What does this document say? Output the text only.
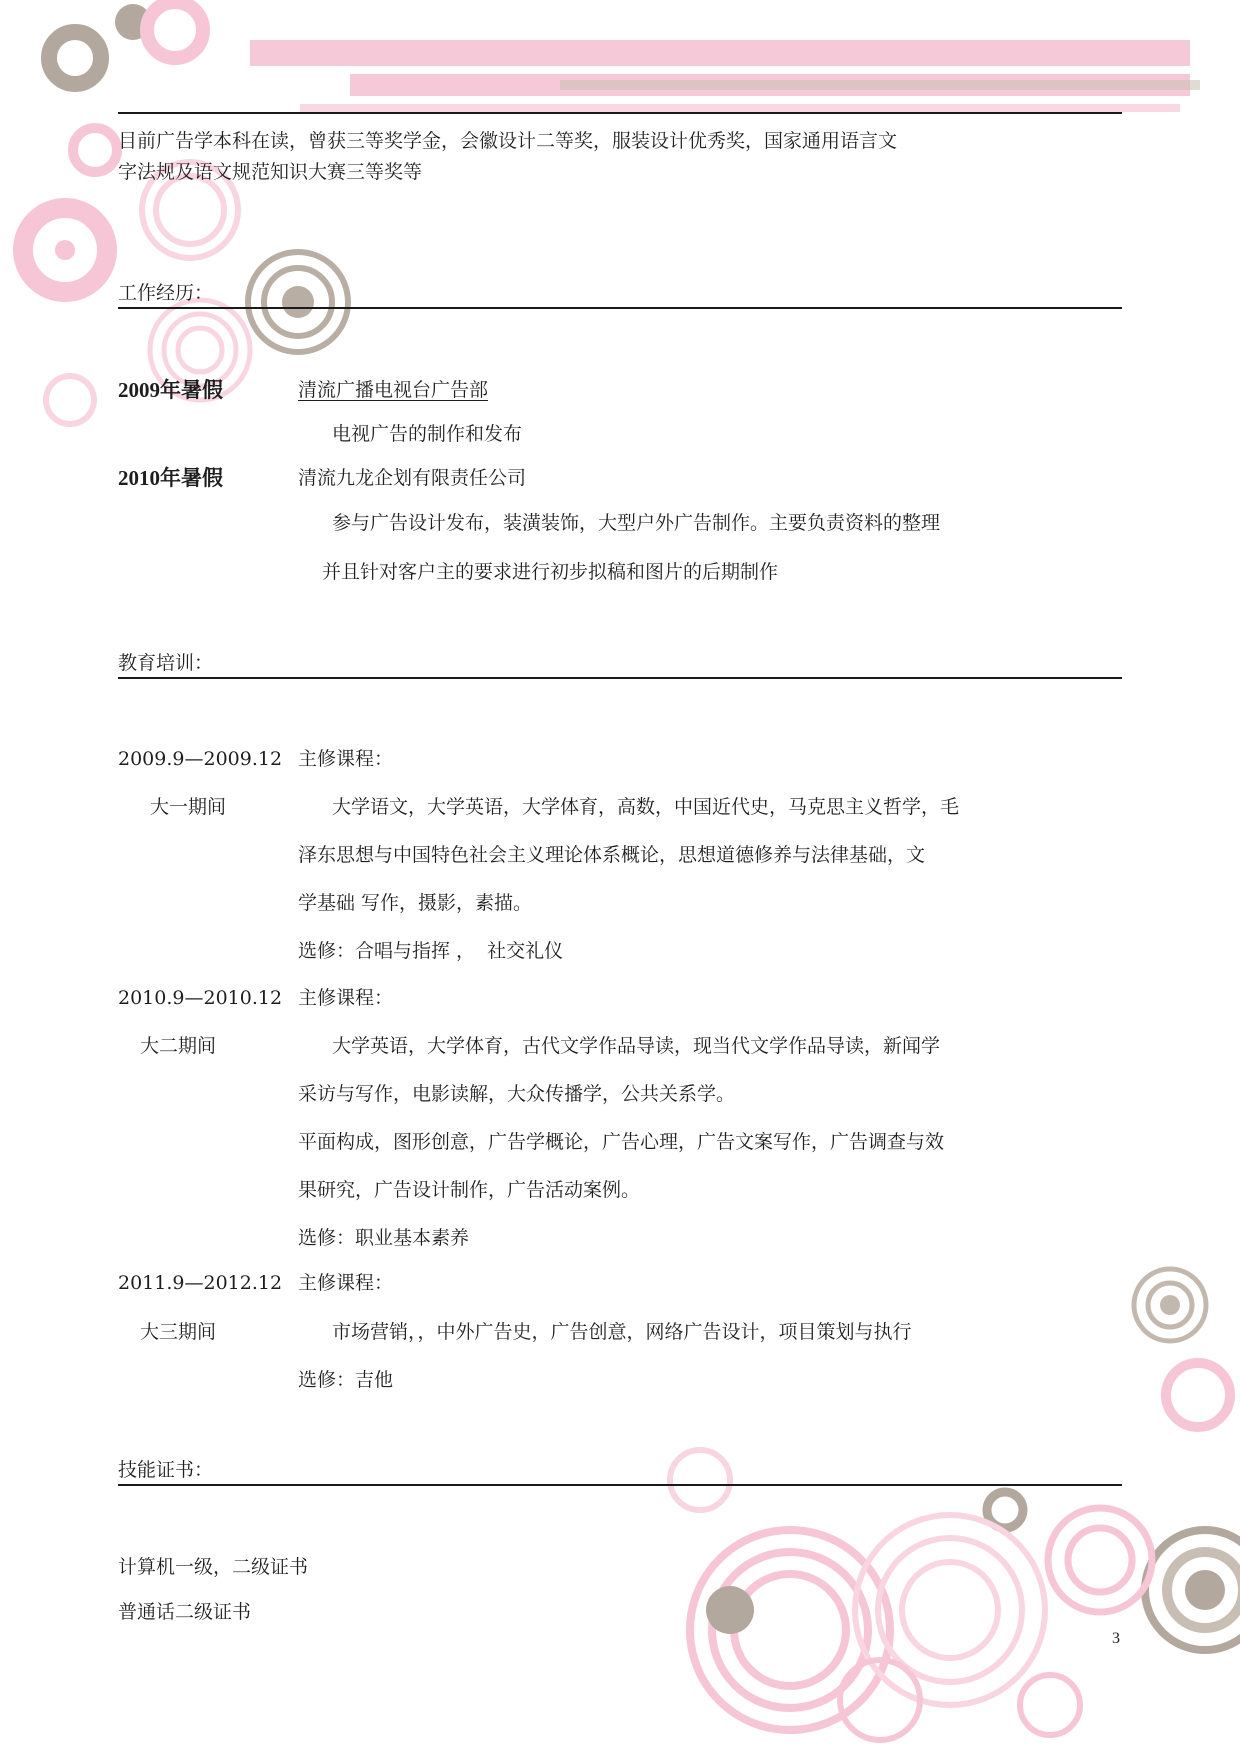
目前广告学本科在读，曾获三等奖学金，会徽设计二等奖，服装设计优秀奖，国家通用语言文
字法规及语文规范知识大赛三等奖等
工作经历：
2009年暑假	清流广播电视台广告部
电视广告的制作和发布
2010年暑假	清流九龙企划有限责任公司
参与广告设计发布，装潢装饰，大型户外广告制作。主要负责资料的整理
并且针对客户主的要求进行初步拟稿和图片的后期制作
教育培训：
2009.9—2009.12 主修课程：
大一期间	大学语文，大学英语，大学体育，高数，中国近代史，马克思主义哲学，毛
泽东思想与中国特色社会主义理论体系概论，思想道德修养与法律基础，文
学基础 写作，摄影，素描。
选修：合唱与指挥 ，  社交礼仪
2010.9—2010.12 主修课程：
大二期间	大学英语，大学体育，古代文学作品导读，现当代文学作品导读，新闻学
采访与写作，电影读解，大众传播学，公共关系学。
平面构成，图形创意，广告学概论，广告心理，广告文案写作，广告调查与效
果研究，广告设计制作，广告活动案例。
选修：职业基本素养
2011.9—2012.12 主修课程：
大三期间	市场营销，，中外广告史，广告创意，网络广告设计，项目策划与执行
选修：吉他
技能证书：
计算机一级，二级证书
普通话二级证书
3
